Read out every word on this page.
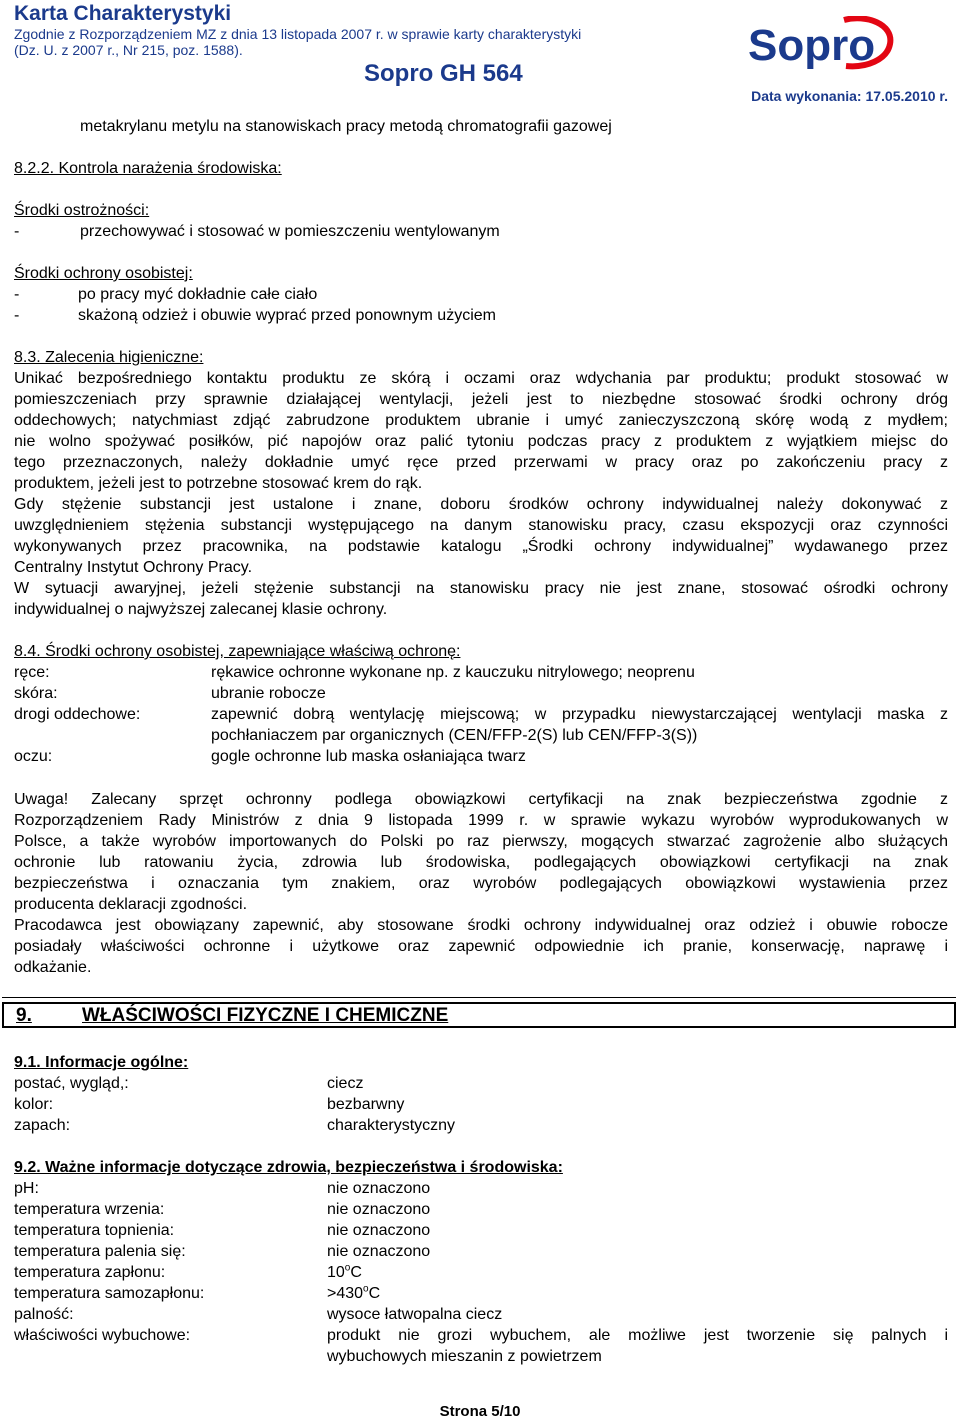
Karta Charakterystyki
Zgodnie z Rozporządzeniem MZ z dnia 13 listopada 2007 r. w sprawie karty charakterystyki
(Dz. U. z 2007 r., Nr 215, poz. 1588).
Sopro GH 564
Data wykonania: 17.05.2010 r.
Sopro
metakrylanu metylu na stanowiskach pracy metodą chromatografii gazowej
8.2.2. Kontrola narażenia środowiska:
Środki ostrożności:
-	przechowywać i stosować w pomieszczeniu wentylowanym
Środki ochrony osobistej:
-	po pracy myć dokładnie całe ciało
-	skażoną odzież i obuwie wyprać przed ponownym użyciem
8.3. Zalecenia higieniczne:
Unikać bezpośredniego kontaktu produktu ze skórą i oczami oraz wdychania par produktu; produkt stosować w
pomieszczeniach przy sprawnie działającej wentylacji, jeżeli jest to niezbędne stosować środki ochrony dróg
oddechowych; natychmiast zdjąć zabrudzone produktem ubranie i umyć zanieczyszczoną skórę wodą z mydłem;
nie wolno spożywać posiłków, pić napojów oraz palić tytoniu podczas pracy z produktem z wyjątkiem miejsc do
tego przeznaczonych, należy dokładnie umyć ręce przed przerwami w pracy oraz po zakończeniu pracy z
produktem, jeżeli jest to potrzebne stosować krem do rąk.
Gdy stężenie substancji jest ustalone i znane, doboru środków ochrony indywidualnej należy dokonywać z
uwzględnieniem stężenia substancji występującego na danym stanowisku pracy, czasu ekspozycji oraz czynności
wykonywanych przez pracownika, na podstawie katalogu „Środki ochrony indywidualnej” wydawanego przez
Centralny Instytut Ochrony Pracy.
W sytuacji awaryjnej, jeżeli stężenie substancji na stanowisku pracy nie jest znane, stosować ośrodki ochrony
indywidualnej o najwyższej zalecanej klasie ochrony.
8.4. Środki ochrony osobistej, zapewniające właściwą ochronę:
ręce:	rękawice ochronne wykonane np. z kauczuku nitrylowego; neoprenu
skóra:	ubranie robocze
drogi oddechowe:	zapewnić dobrą wentylację miejscową; w przypadku niewystarczającej wentylacji maska z
pochłaniaczem par organicznych (CEN/FFP-2(S) lub CEN/FFP-3(S))
oczu:	gogle ochronne lub maska osłaniająca twarz
Uwaga! Zalecany sprzęt ochronny podlega obowiązkowi certyfikacji na znak bezpieczeństwa zgodnie z
Rozporządzeniem Rady Ministrów z dnia 9 listopada 1999 r. w sprawie wykazu wyrobów wyprodukowanych w
Polsce, a także wyrobów importowanych do Polski po raz pierwszy, mogących stwarzać zagrożenie albo służących
ochronie lub ratowaniu życia, zdrowia lub środowiska, podlegających obowiązkowi certyfikacji na znak
bezpieczeństwa i oznaczania tym znakiem, oraz wyrobów podlegających obowiązkowi wystawienia przez
producenta deklaracji zgodności.
Pracodawca jest obowiązany zapewnić, aby stosowane środki ochrony indywidualnej oraz odzież i obuwie robocze
posiadały właściwości ochronne i użytkowe oraz zapewnić odpowiednie ich pranie, konserwację, naprawę i
odkażanie.
9.	WŁAŚCIWOŚCI FIZYCZNE I CHEMICZNE
9.1. Informacje ogólne:
postać, wygląd,:	ciecz
kolor:	bezbarwny
zapach:	charakterystyczny
9.2. Ważne informacje dotyczące zdrowia, bezpieczeństwa i środowiska:
pH:	nie oznaczono
temperatura wrzenia:	nie oznaczono
temperatura topnienia:	nie oznaczono
temperatura palenia się:	nie oznaczono
temperatura zapłonu:	10$^o$C
temperatura samozapłonu:	$>430^oC$
palność:	wysoce łatwopalna ciecz
właściwości wybuchowe:	produkt nie grozi wybuchem, ale możliwe jest tworzenie się palnych i
wybuchowych mieszanin z powietrzem
Strona 5/10
